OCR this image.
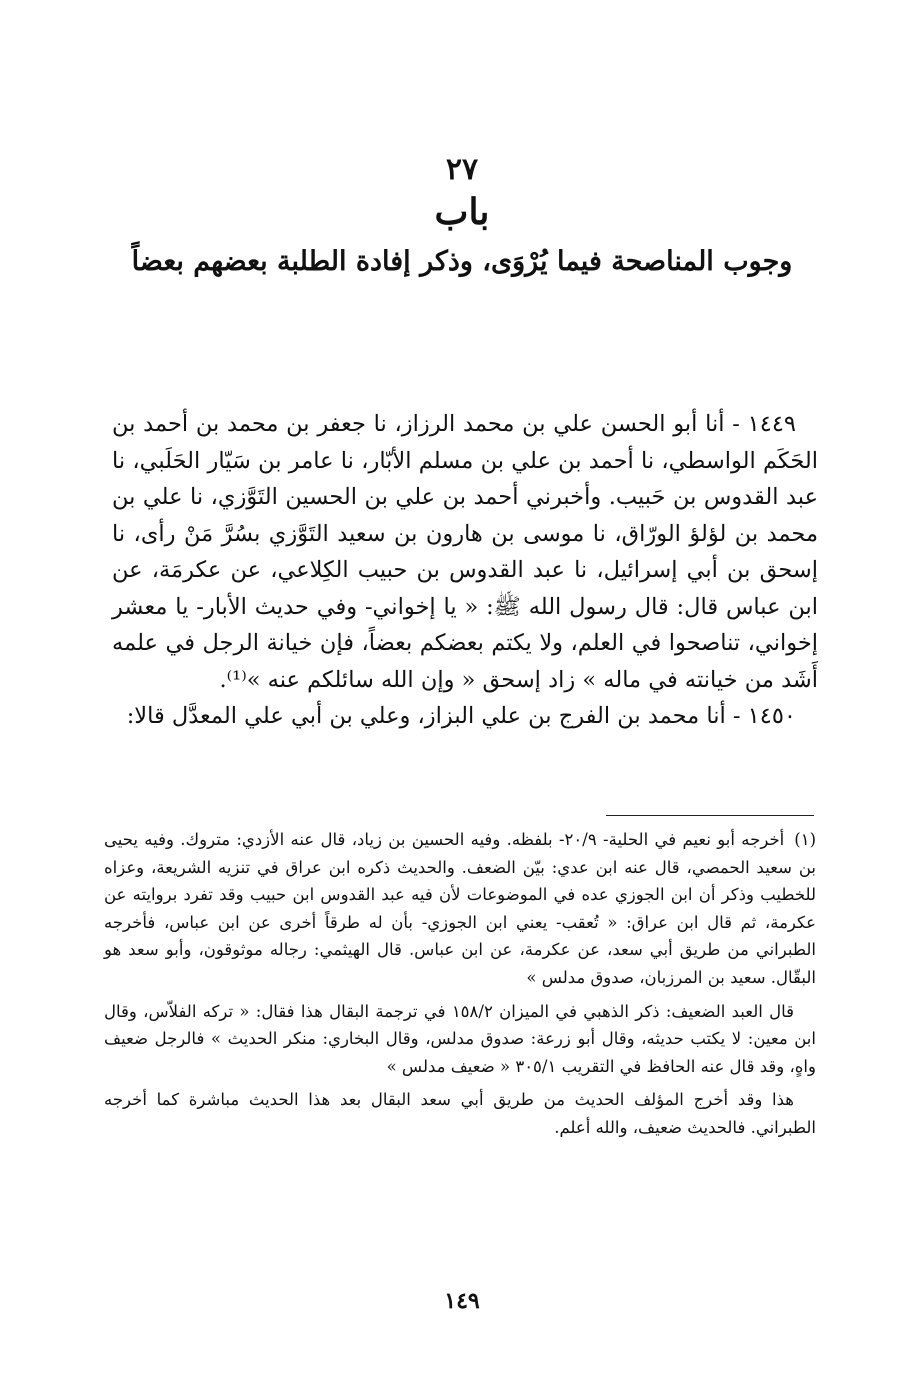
٢٧
باب
وجوب المناصحة فيما يُرْوَى، وذكر إفادة الطلبة بعضهم بعضاً

١٤٤٩ - أنا أبو الحسن علي بن محمد الرزاز، نا جعفر بن محمد بن أحمد بن الحَكَم الواسطي، نا أحمد بن علي بن مسلم الأبّار، نا عامر بن سَيّار الحَلَبي، نا عبد القدوس بن حَبيب. وأخبرني أحمد بن علي بن الحسين التَوَّزي، نا علي بن محمد بن لؤلؤ الورّاق، نا موسى بن هارون بن سعيد التَوَّزي بسُرَّ مَنْ رأى، نا إسحق بن أبي إسرائيل، نا عبد القدوس بن حبيب الكِلاعي، عن عكرمَة، عن ابن عباس قال: قال رسول الله ﷺ: « يا إخواني- وفي حديث الأبار- يا معشر إخواني، تناصحوا في العلم، ولا يكتم بعضكم بعضاً، فإن خيانة الرجل في علمه أَشَد من خيانته في ماله » زاد إسحق « وإن الله سائلكم عنه »⁽¹⁾.

١٤٥٠ - أنا محمد بن الفرج بن علي البزاز، وعلي بن أبي علي المعدَّل قالا:

(١)أخرجه أبو نعيم في الحلية- ٢٠/٩- بلفظه. وفيه الحسين بن زياد، قال عنه الأزدي: متروك. وفيه يحيى بن سعيد الحمصي، قال عنه ابن عدي: بيّن الضعف. والحديث ذكره ابن عراق في تنزيه الشريعة، وعزاه للخطيب وذكر أن ابن الجوزي عده في الموضوعات لأن فيه عبد القدوس ابن حبيب وقد تفرد بروايته عن عكرمة، ثم قال ابن عراق: « تُعقب- يعني ابن الجوزي- بأن له طرقاً أخرى عن ابن عباس، فأخرجه الطبراني من طريق أبي سعد، عن عكرمة، عن ابن عباس. قال الهيثمي: رجاله موثوقون، وأبو سعد هو البقّال. سعيد بن المرزبان، صدوق مدلس »

قال العبد الضعيف: ذكر الذهبي في الميزان ١٥٨/٢ في ترجمة البقال هذا فقال: « تركه الفلاّس، وقال ابن معين: لا يكتب حديثه، وقال أبو زرعة: صدوق مدلس، وقال البخاري: منكر الحديث » فالرجل ضعيف واهٍ، وقد قال عنه الحافظ في التقريب ٣٠٥/١ « ضعيف مدلس »

هذا وقد أخرج المؤلف الحديث من طريق أبي سعد البقال بعد هذا الحديث مباشرة كما أخرجه الطبراني. فالحديث ضعيف، والله أعلم.

١٤٩
